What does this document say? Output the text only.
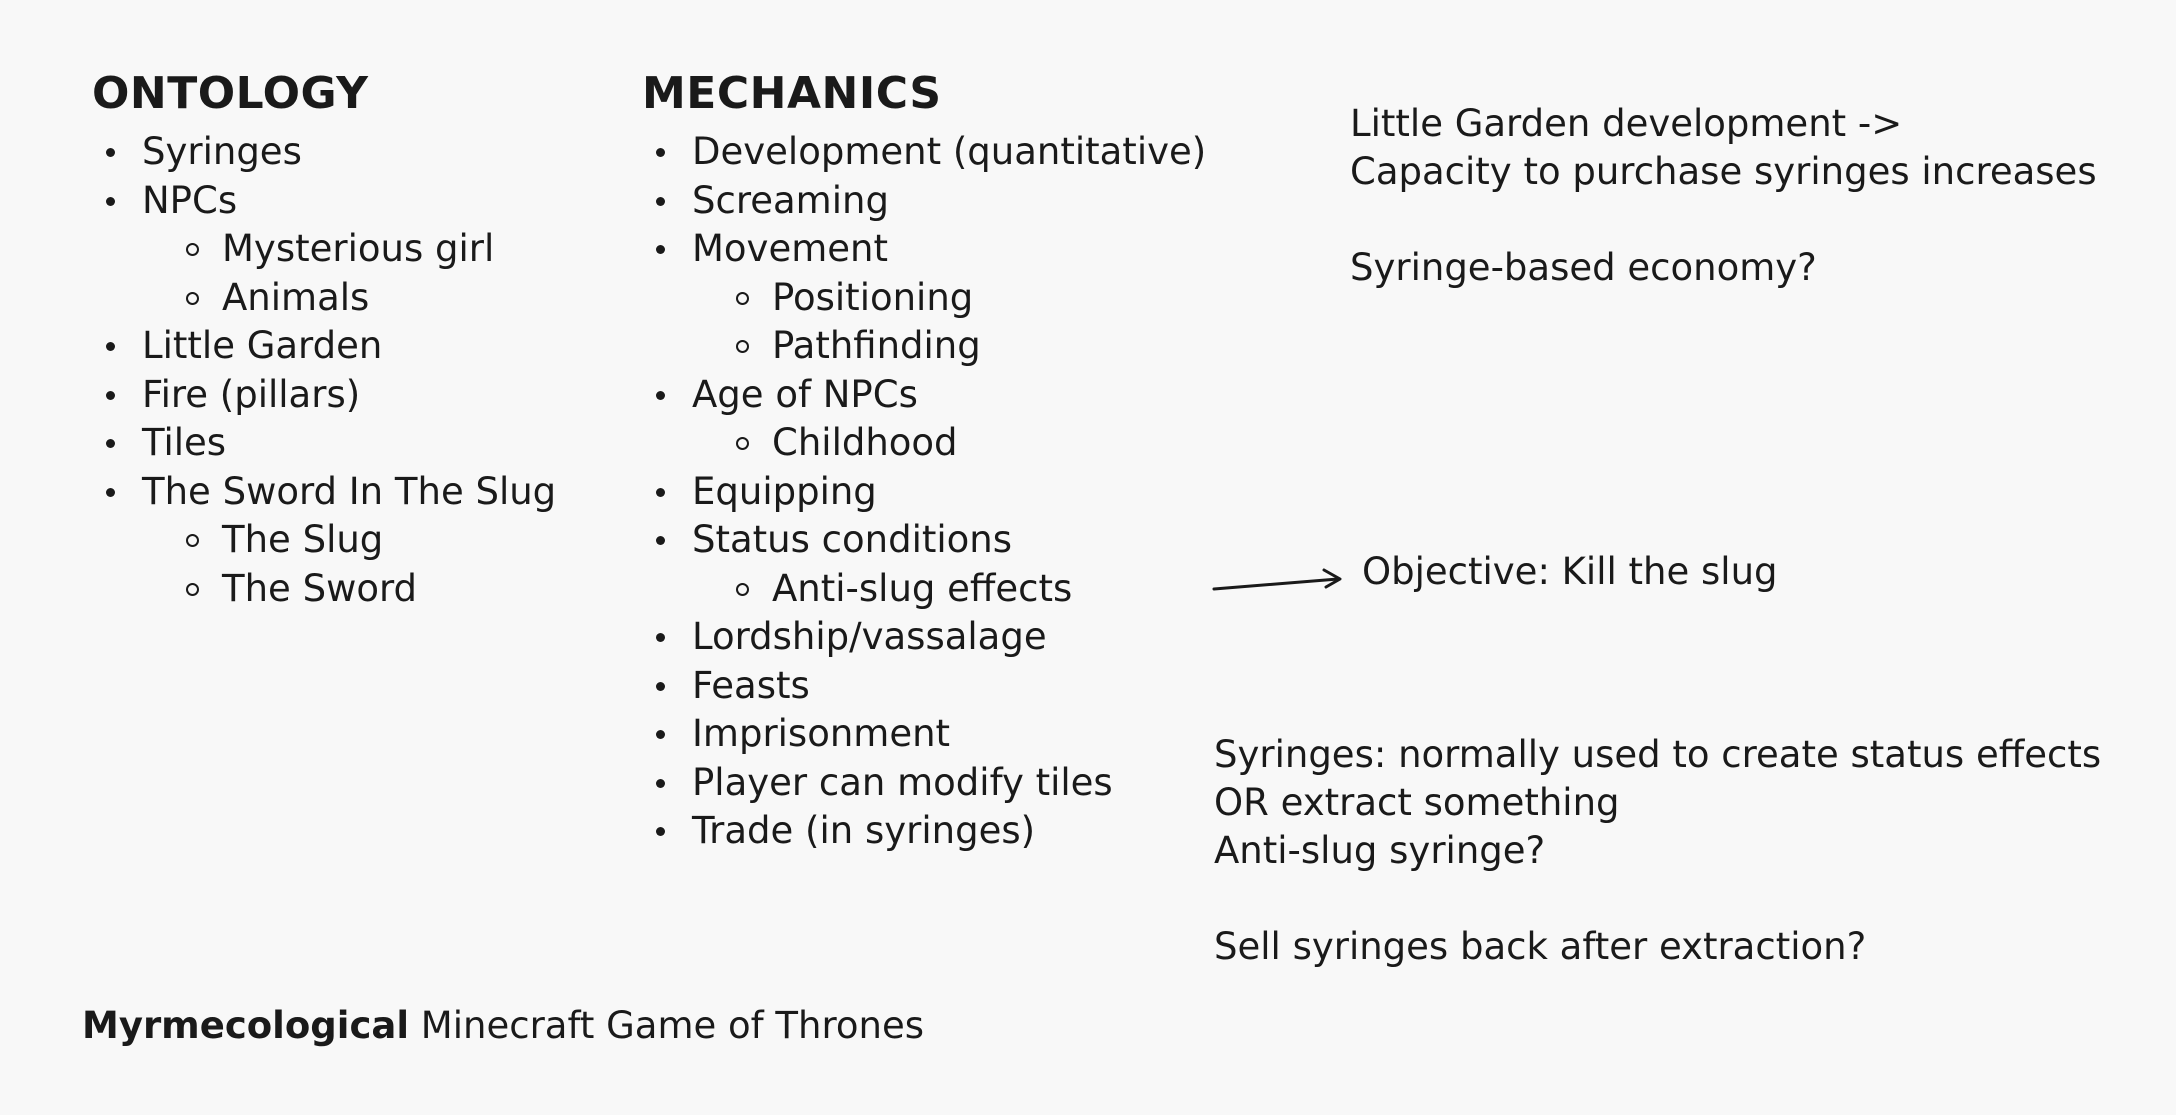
ONTOLOGY
Syringes
NPCs
Mysterious girl
Animals
Little Garden
Fire (pillars)
Tiles
The Sword In The Slug
The Slug
The Sword
MECHANICS
Development (quantitative)
Screaming
Movement
Positioning
Pathfinding
Age of NPCs
Childhood
Equipping
Status conditions
Anti-slug effects
Lordship/vassalage
Feasts
Imprisonment
Player can modify tiles
Trade (in syringes)
Little Garden development ->
Capacity to purchase syringes increases
Syringe-based economy?
Objective: Kill the slug
Syringes: normally used to create status effects
OR extract something
Anti-slug syringe?
Sell syringes back after extraction?
Myrmecological Minecraft Game of Thrones
